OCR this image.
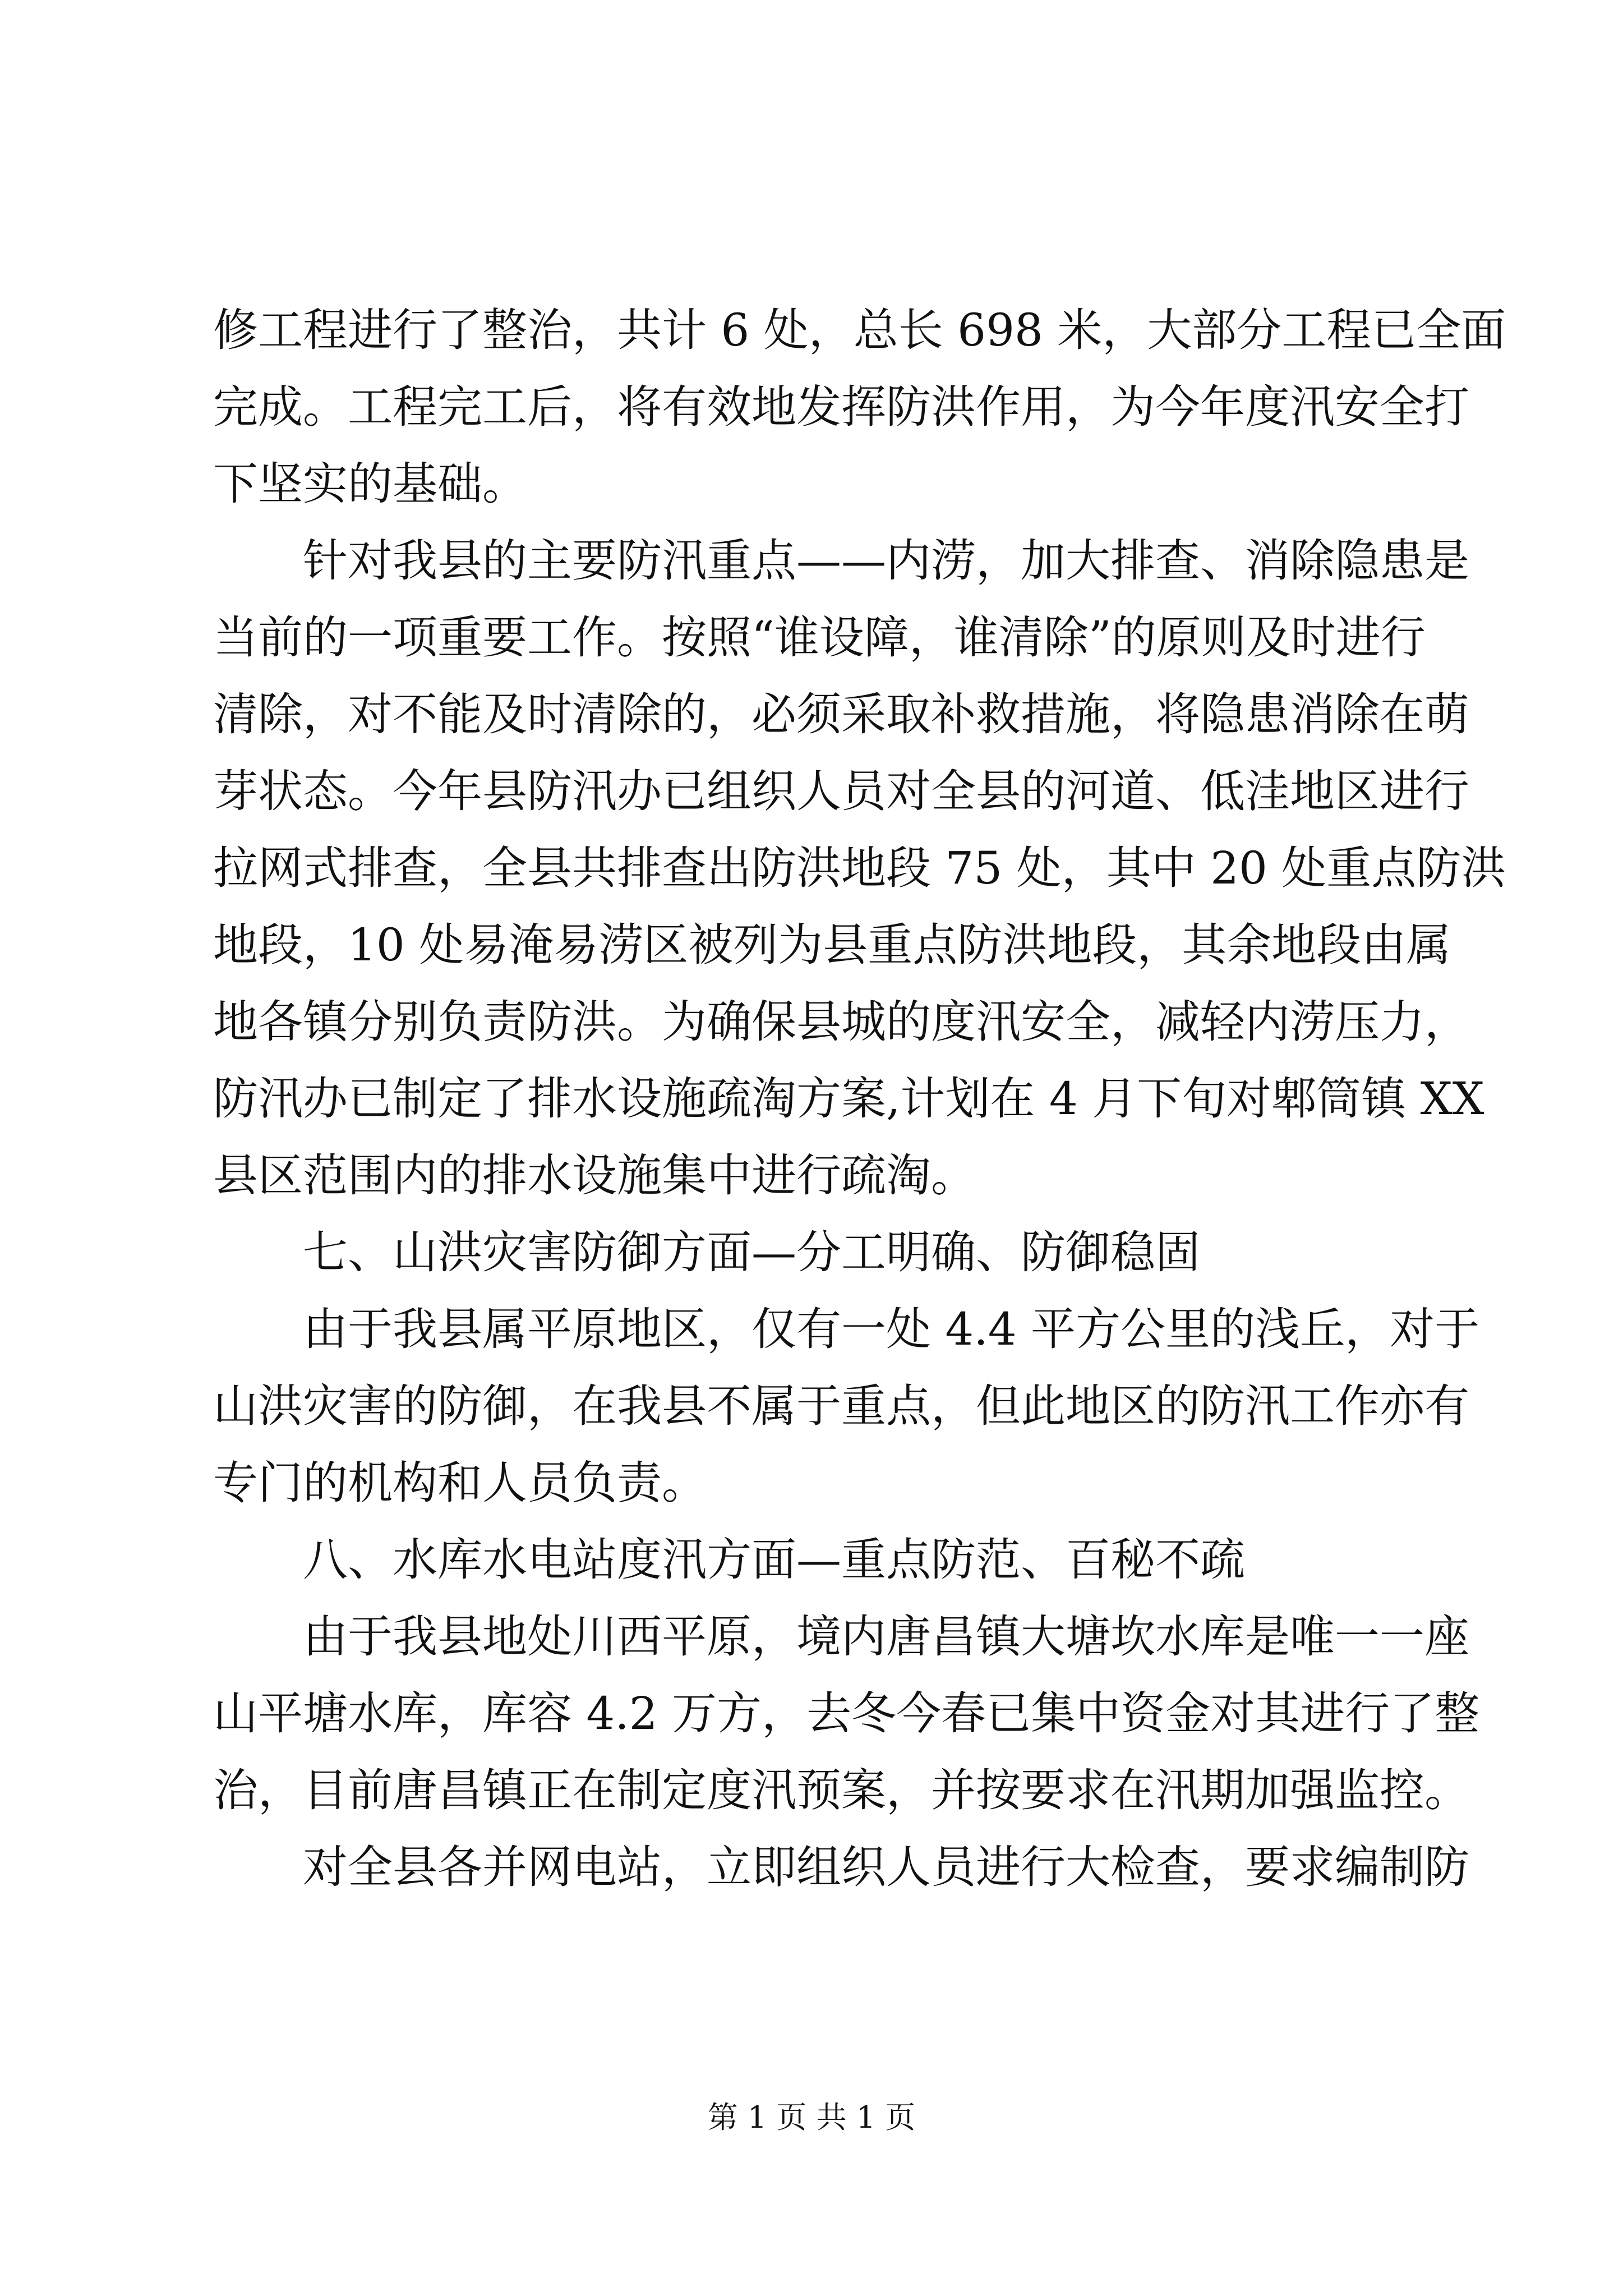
修工程进行了整治，共计 6 处，总长 698 米，大部分工程已全面
完成。工程完工后，将有效地发挥防洪作用，为今年度汛安全打
下坚实的基础。
针对我县的主要防汛重点——内涝，加大排查、消除隐患是
当前的一项重要工作。按照“谁设障，谁清除”的原则及时进行
清除，对不能及时清除的，必须采取补救措施，将隐患消除在萌
芽状态。今年县防汛办已组织人员对全县的河道、低洼地区进行
拉网式排查，全县共排查出防洪地段 75 处，其中 20 处重点防洪
地段，10 处易淹易涝区被列为县重点防洪地段，其余地段由属
地各镇分别负责防洪。为确保县城的度汛安全，减轻内涝压力，
防汛办已制定了排水设施疏淘方案,计划在 4 月下旬对郫筒镇 XX
县区范围内的排水设施集中进行疏淘。
七、山洪灾害防御方面—分工明确、防御稳固
由于我县属平原地区，仅有一处 4.4 平方公里的浅丘，对于
山洪灾害的防御，在我县不属于重点，但此地区的防汛工作亦有
专门的机构和人员负责。
八、水库水电站度汛方面—重点防范、百秘不疏
由于我县地处川西平原，境内唐昌镇大塘坎水库是唯一一座
山平塘水库，库容 4.2 万方，去冬今春已集中资金对其进行了整
治，目前唐昌镇正在制定度汛预案，并按要求在汛期加强监控。
对全县各并网电站，立即组织人员进行大检查，要求编制防
第 1 页 共 1 页
